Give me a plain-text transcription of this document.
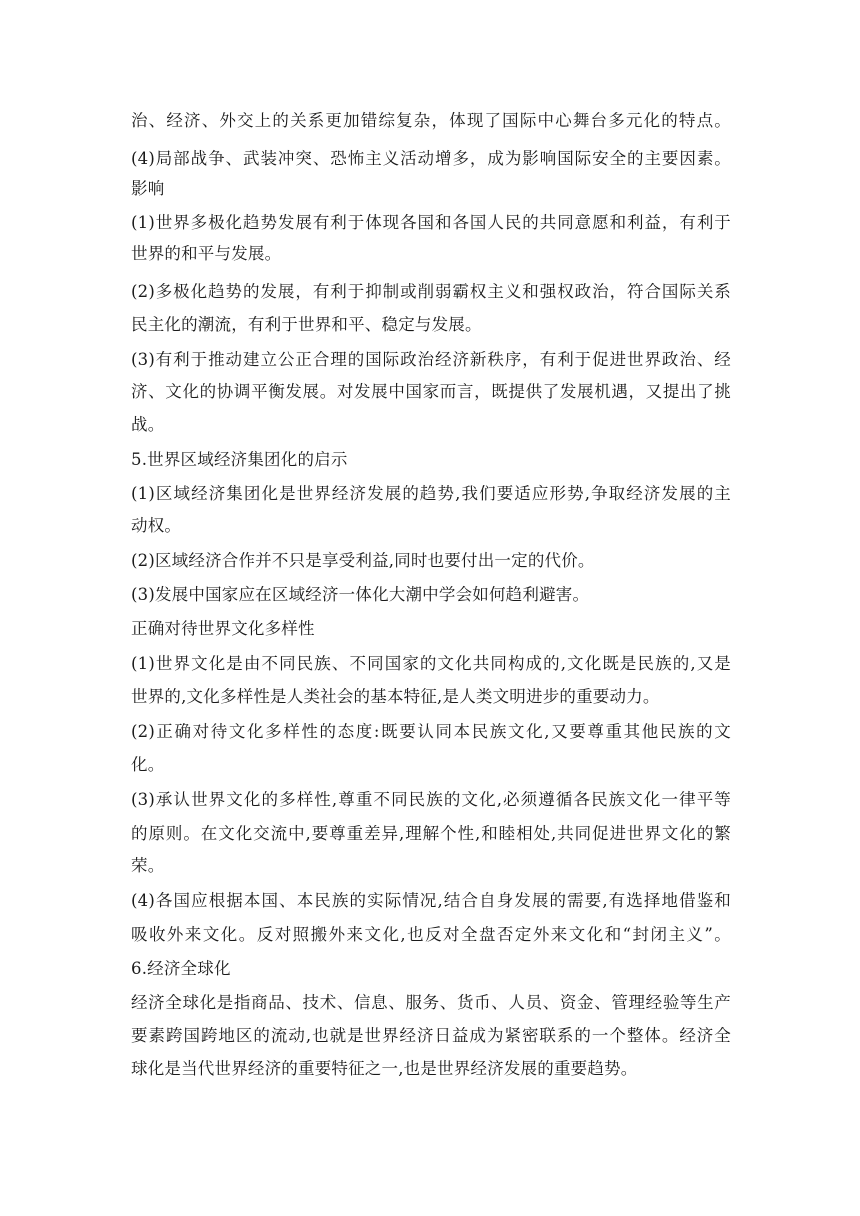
治、经济、外交上的关系更加错综复杂，体现了国际中心舞台多元化的特点。
(4)局部战争、武装冲突、恐怖主义活动增多，成为影响国际安全的主要因素。
影响
(1)世界多极化趋势发展有利于体现各国和各国人民的共同意愿和利益，有利于
世界的和平与发展。
(2)多极化趋势的发展，有利于抑制或削弱霸权主义和强权政治，符合国际关系
民主化的潮流，有利于世界和平、稳定与发展。
(3)有利于推动建立公正合理的国际政治经济新秩序，有利于促进世界政治、经
济、文化的协调平衡发展。对发展中国家而言，既提供了发展机遇，又提出了挑
战。
5.世界区域经济集团化的启示
(1)区域经济集团化是世界经济发展的趋势,我们要适应形势,争取经济发展的主
动权。
(2)区域经济合作并不只是享受利益,同时也要付出一定的代价。
(3)发展中国家应在区域经济一体化大潮中学会如何趋利避害。
正确对待世界文化多样性
(1)世界文化是由不同民族、不同国家的文化共同构成的,文化既是民族的,又是
世界的,文化多样性是人类社会的基本特征,是人类文明进步的重要动力。
(2)正确对待文化多样性的态度:既要认同本民族文化,又要尊重其他民族的文
化。
(3)承认世界文化的多样性,尊重不同民族的文化,必须遵循各民族文化一律平等
的原则。在文化交流中,要尊重差异,理解个性,和睦相处,共同促进世界文化的繁
荣。
(4)各国应根据本国、本民族的实际情况,结合自身发展的需要,有选择地借鉴和
吸收外来文化。反对照搬外来文化,也反对全盘否定外来文化和“封闭主义”。
6.经济全球化
经济全球化是指商品、技术、信息、服务、货币、人员、资金、管理经验等生产
要素跨国跨地区的流动,也就是世界经济日益成为紧密联系的一个整体。经济全
球化是当代世界经济的重要特征之一,也是世界经济发展的重要趋势。
